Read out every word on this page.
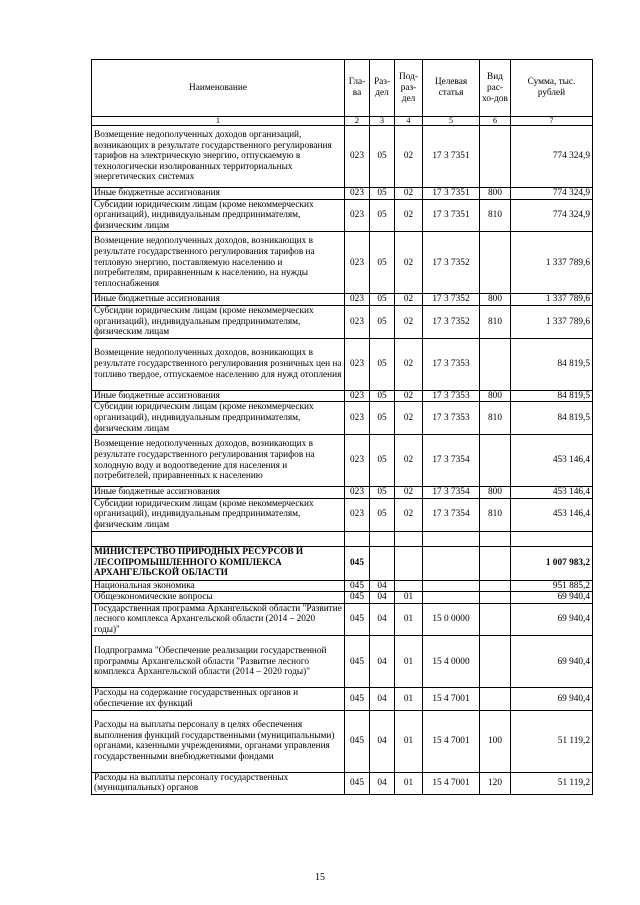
Наименование	Гла-ва	Раз-дел	Под-раз-дел	Целевая статья	Вид рас-хо-дов	Сумма, тыс. рублей
1	2	3	4	5	6	7
Возмещение недополученных доходов организаций, возникающих в результате государственного регулирования тарифов на электрическую энергию, отпускаемую в технологически изолированных территориальных энергетических системах	023	05	02	17 3 7351		774 324,9
Иные бюджетные ассигнования	023	05	02	17 3 7351	800	774 324,9
Субсидии юридическим лицам (кроме некоммерческих организаций), индивидуальным предпринимателям, физическим лицам	023	05	02	17 3 7351	810	774 324,9
Возмещение недополученных доходов, возникающих в результате государственного регулирования тарифов на тепловую энергию, поставляемую населению и потребителям, приравненным к населению, на нужды теплоснабжения	023	05	02	17 3 7352		1 337 789,6
Иные бюджетные ассигнования	023	05	02	17 3 7352	800	1 337 789,6
Субсидии юридическим лицам (кроме некоммерческих организаций), индивидуальным предпринимателям, физическим лицам	023	05	02	17 3 7352	810	1 337 789,6
Возмещение недополученных доходов, возникающих в результате государственного регулирования розничных цен на топливо твердое, отпускаемое населению для нужд отопления	023	05	02	17 3 7353		84 819,5
Иные бюджетные ассигнования	023	05	02	17 3 7353	800	84 819,5
Субсидии юридическим лицам (кроме некоммерческих организаций), индивидуальным предпринимателям, физическим лицам	023	05	02	17 3 7353	810	84 819,5
Возмещение недополученных доходов, возникающих в результате государственного регулирования тарифов на холодную воду и водоотведение для населения и потребителей, приравненных к населению	023	05	02	17 3 7354		453 146,4
Иные бюджетные ассигнования	023	05	02	17 3 7354	800	453 146,4
Субсидии юридическим лицам (кроме некоммерческих организаций), индивидуальным предпринимателям, физическим лицам	023	05	02	17 3 7354	810	453 146,4

МИНИСТЕРСТВО ПРИРОДНЫХ РЕСУРСОВ И ЛЕСОПРОМЫШЛЕННОГО КОМПЛЕКСА АРХАНГЕЛЬСКОЙ ОБЛАСТИ	045					1 007 983,2
Национальная экономика	045	04				951 885,2
Общеэкономические вопросы	045	04	01			69 940,4
Государственная программа Архангельской области "Развитие лесного комплекса Архангельской области (2014 – 2020 годы)"	045	04	01	15 0 0000		69 940,4
Подпрограмма "Обеспечение реализации государственной программы Архангельской области "Развитие лесного комплекса Архангельской области (2014 – 2020 годы)"	045	04	01	15 4 0000		69 940,4
Расходы на содержание государственных органов и обеспечение их функций	045	04	01	15 4 7001		69 940,4
Расходы на выплаты персоналу в целях обеспечения выполнения функций государственными (муниципальными) органами, казенными учреждениями, органами управления государственными внебюджетными фондами	045	04	01	15 4 7001	100	51 119,2
Расходы на выплаты персоналу государственных (муниципальных) органов	045	04	01	15 4 7001	120	51 119,2
15
